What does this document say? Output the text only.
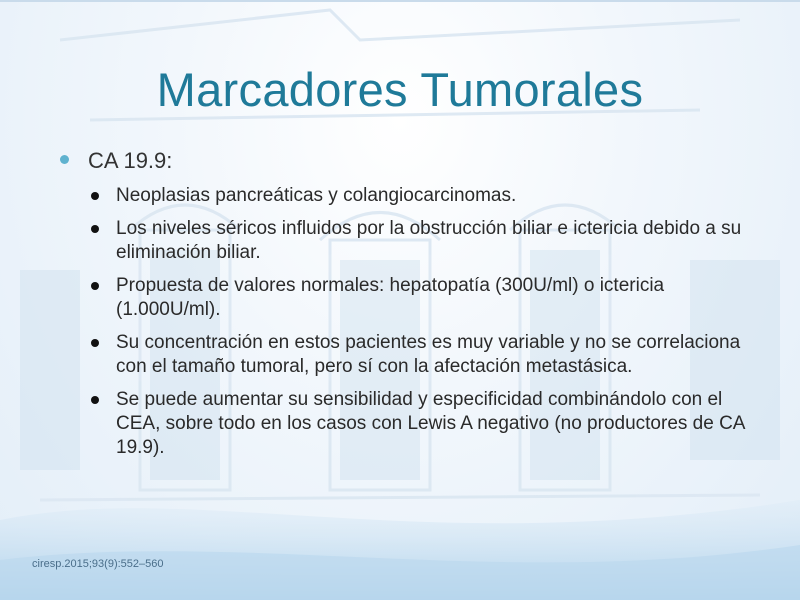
Marcadores Tumorales
CA 19.9:
Neoplasias pancreáticas y colangiocarcinomas.
Los niveles séricos influidos por la obstrucción biliar e ictericia debido a su eliminación biliar.
Propuesta de valores normales: hepatopatía (300U/ml) o ictericia (1.000U/ml).
Su concentración en estos pacientes es muy variable y no se correlaciona con el tamaño tumoral, pero sí con la afectación metastásica.
Se puede aumentar su sensibilidad y especificidad combinándolo con el CEA, sobre todo en los casos con Lewis A negativo (no productores de CA 19.9).
ciresp.2015;93(9):552–560
